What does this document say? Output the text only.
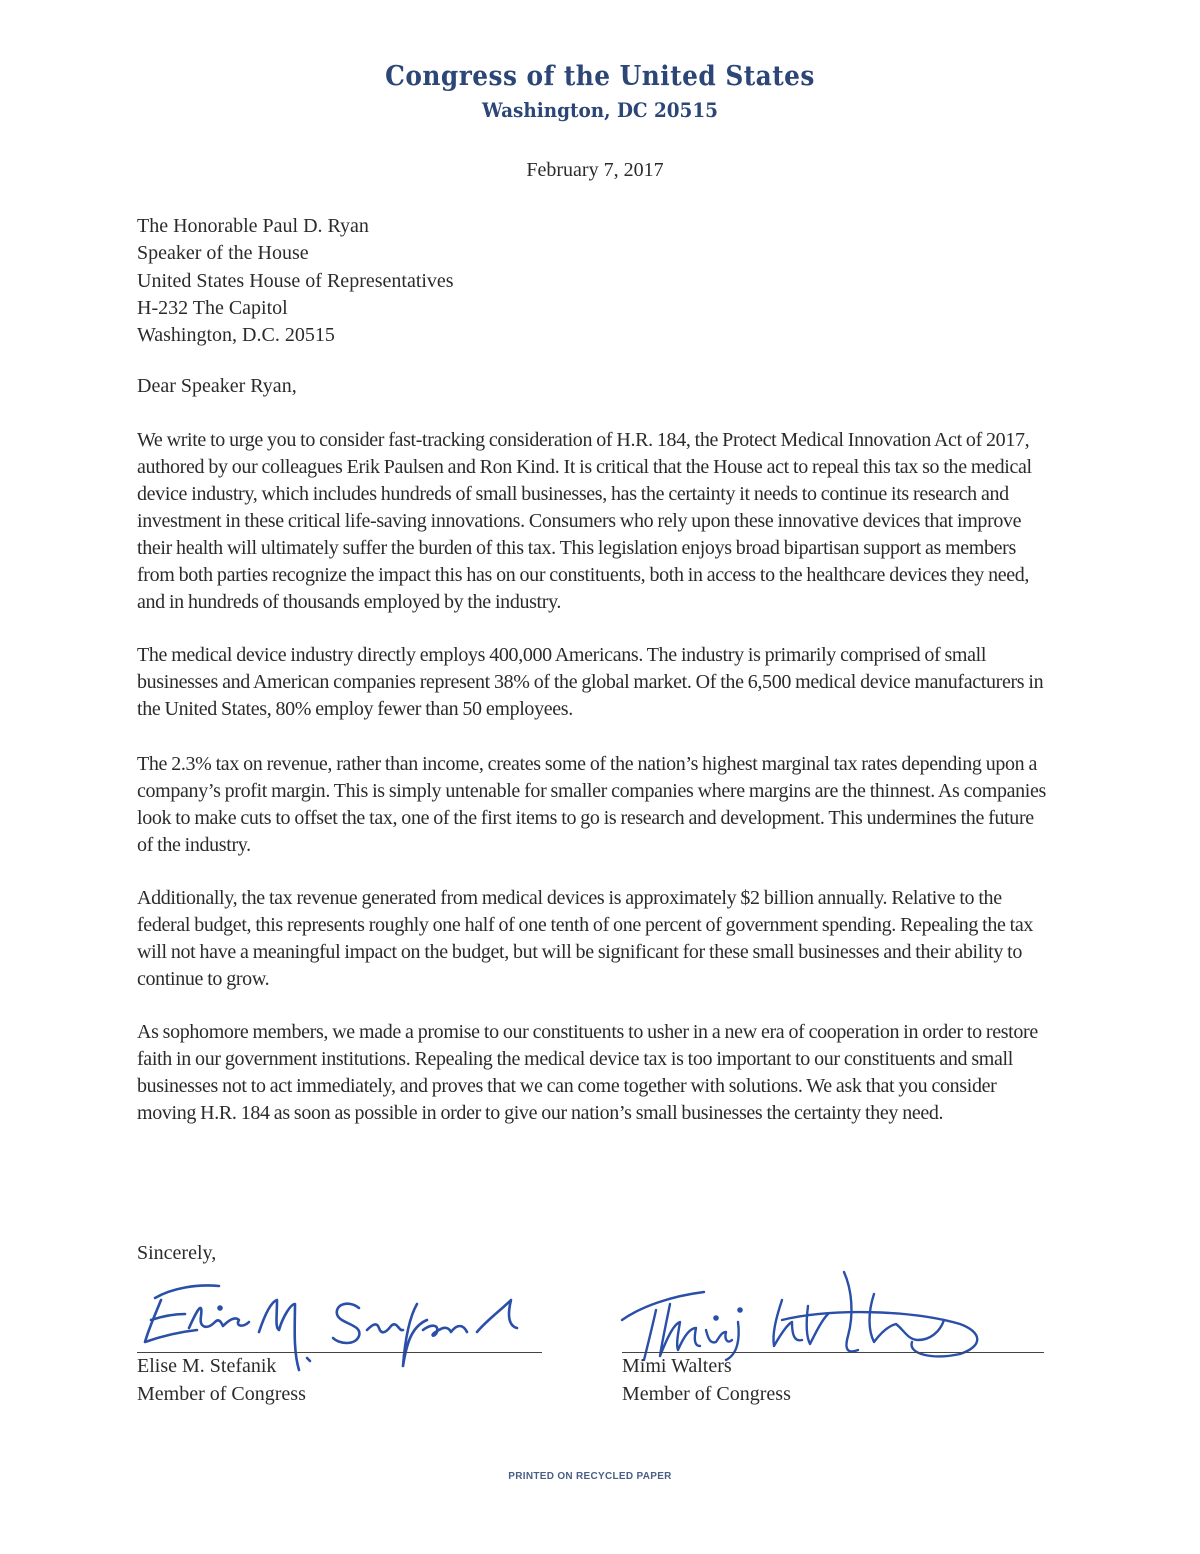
Congress of the United States
Washington, DC 20515
February 7, 2017
The Honorable Paul D. Ryan
Speaker of the House
United States House of Representatives
H-232 The Capitol
Washington, D.C. 20515
Dear Speaker Ryan,

We write to urge you to consider fast-tracking consideration of H.R. 184, the Protect Medical Innovation Act of 2017, authored by our colleagues Erik Paulsen and Ron Kind. It is critical that the House act to repeal this tax so the medical device industry, which includes hundreds of small businesses, has the certainty it needs to continue its research and investment in these critical life-saving innovations. Consumers who rely upon these innovative devices that improve their health will ultimately suffer the burden of this tax. This legislation enjoys broad bipartisan support as members from both parties recognize the impact this has on our constituents, both in access to the healthcare devices they need, and in hundreds of thousands employed by the industry.

The medical device industry directly employs 400,000 Americans. The industry is primarily comprised of small businesses and American companies represent 38% of the global market. Of the 6,500 medical device manufacturers in the United States, 80% employ fewer than 50 employees.

The 2.3% tax on revenue, rather than income, creates some of the nation’s highest marginal tax rates depending upon a company’s profit margin. This is simply untenable for smaller companies where margins are the thinnest. As companies look to make cuts to offset the tax, one of the first items to go is research and development. This undermines the future of the industry.

Additionally, the tax revenue generated from medical devices is approximately $2 billion annually. Relative to the federal budget, this represents roughly one half of one tenth of one percent of government spending. Repealing the tax will not have a meaningful impact on the budget, but will be significant for these small businesses and their ability to continue to grow.

As sophomore members, we made a promise to our constituents to usher in a new era of cooperation in order to restore faith in our government institutions. Repealing the medical device tax is too important to our constituents and small businesses not to act immediately, and proves that we can come together with solutions. We ask that you consider moving H.R. 184 as soon as possible in order to give our nation’s small businesses the certainty they need.

Sincerely,
Elise M. Stefanik
Member of Congress
Mimi Walters
Member of Congress
PRINTED ON RECYCLED PAPER
